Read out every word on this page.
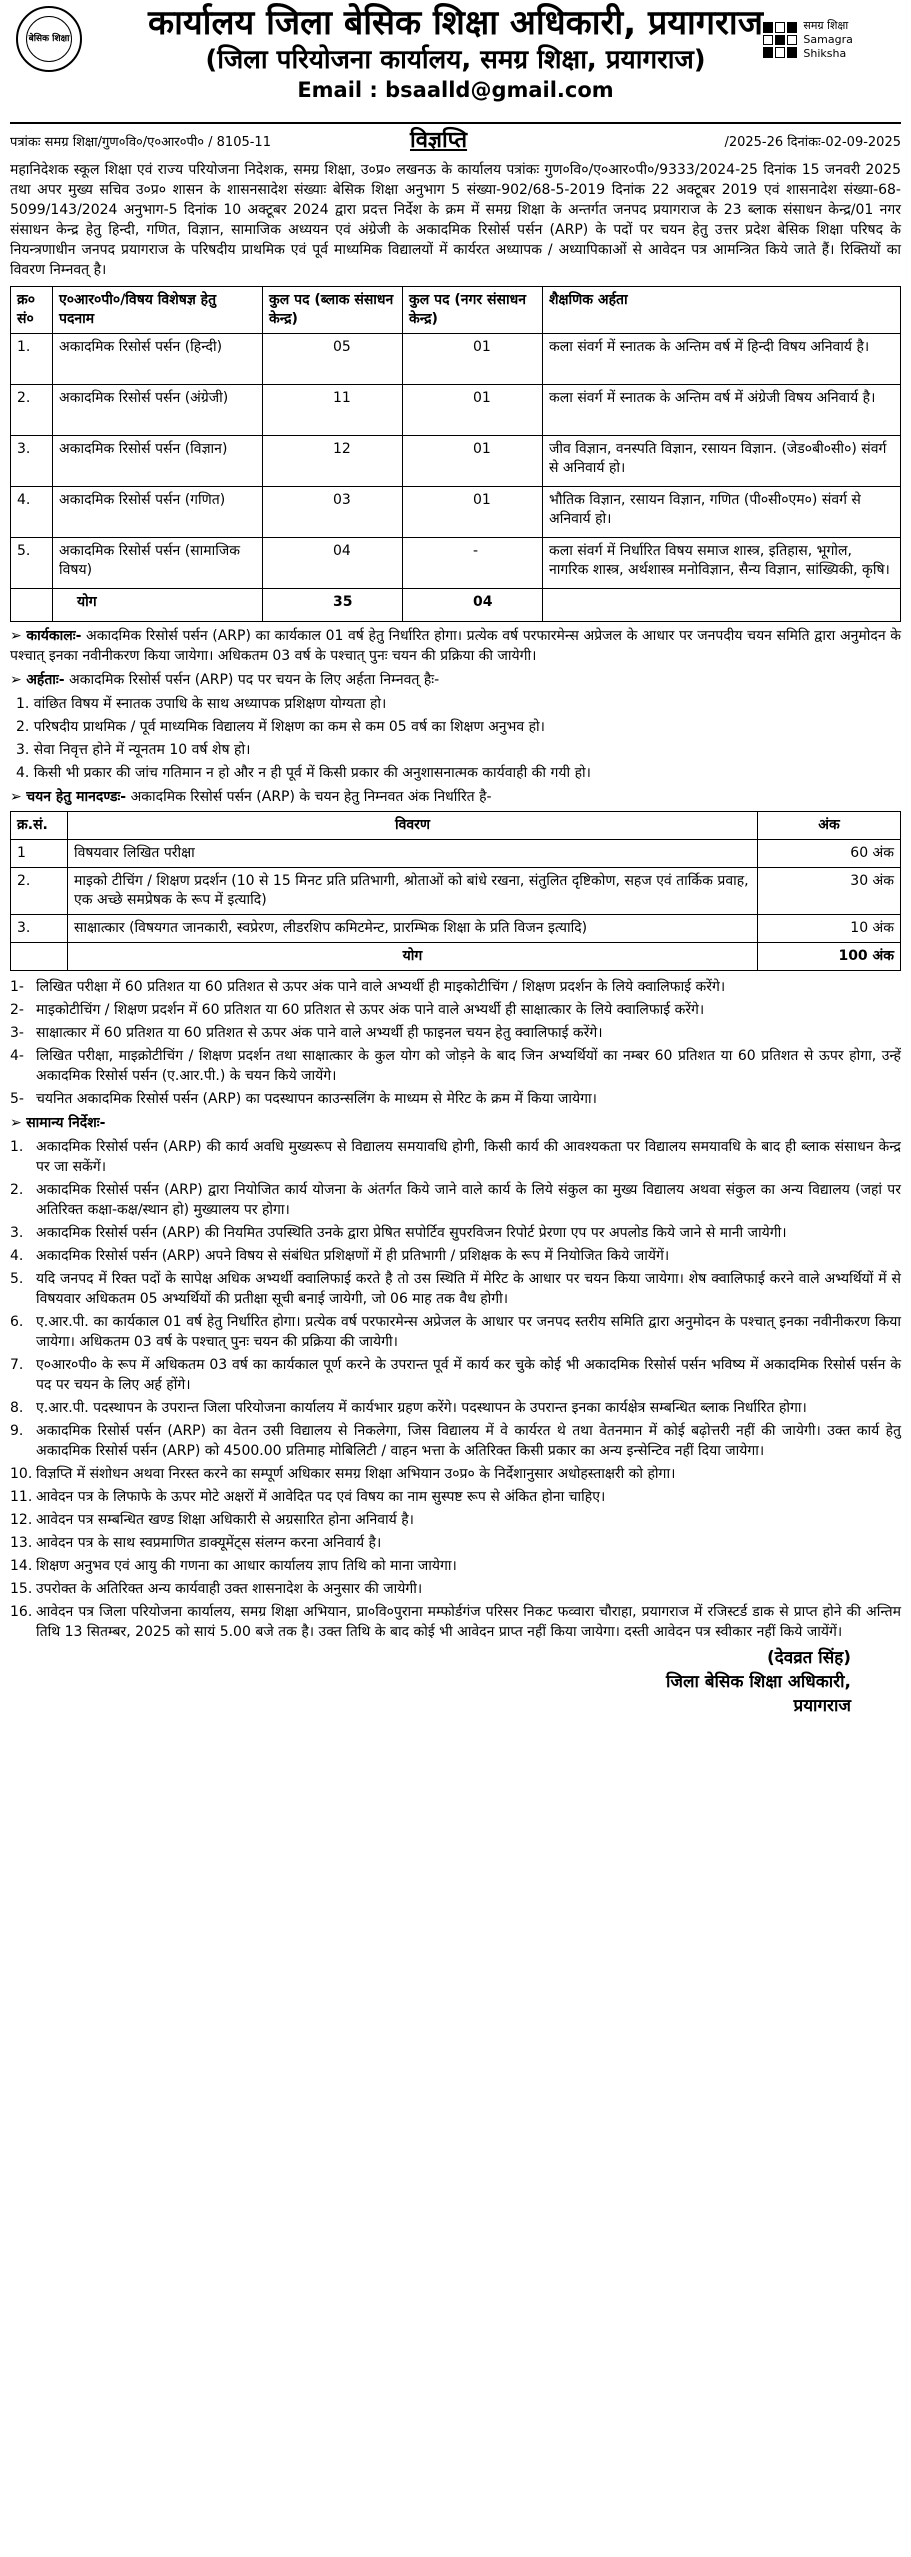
बेसिक शिक्षा	कार्यालय जिला बेसिक शिक्षा अधिकारी, प्रयागराज
(जिला परियोजना कार्यालय, समग्र शिक्षा, प्रयागराज)
Email : bsaalld@gmail.com
समग्र शिक्षा
Samagra Shiksha
पत्रांकः समग्र शिक्षा/गुण०वि०/ए०आर०पी० / 8105-11	विज्ञप्ति	/2025-26 दिनांकः-02-09-2025
महानिदेशक स्कूल शिक्षा एवं राज्य परियोजना निदेशक, समग्र शिक्षा, उ०प्र० लखनऊ के कार्यालय पत्रांकः गुण०वि०/ए०आर०पी०/9333/2024-25 दिनांक 15 जनवरी 2025 तथा अपर मुख्य सचिव उ०प्र० शासन के शासनसादेश संख्याः बेसिक शिक्षा अनुभाग 5 संख्या-902/68-5-2019 दिनांक 22 अक्टूबर 2019 एवं शासनादेश संख्या-68-5099/143/2024 अनुभाग-5 दिनांक 10 अक्टूबर 2024 द्वारा प्रदत्त निर्देश के क्रम में समग्र शिक्षा के अन्तर्गत जनपद प्रयागराज के 23 ब्लाक संसाधन केन्द्र/01 नगर संसाधन केन्द्र हेतु हिन्दी, गणित, विज्ञान, सामाजिक अध्ययन एवं अंग्रेजी के अकादमिक रिसोर्स पर्सन (ARP) के पदों पर चयन हेतु उत्तर प्रदेश बेसिक शिक्षा परिषद के नियन्त्रणाधीन जनपद प्रयागराज के परिषदीय प्राथमिक एवं पूर्व माध्यमिक विद्यालयों में कार्यरत अध्यापक / अध्यापिकाओं से आवेदन पत्र आमन्त्रित किये जाते हैं। रिक्तियों का विवरण निम्नवत् है।
क्र० सं०	ए०आर०पी०/विषय विशेषज्ञ हेतु पदनाम	कुल पद (ब्लाक संसाधन केन्द्र)	कुल पद (नगर संसाधन केन्द्र)	शैक्षणिक अर्हता
1.	अकादमिक रिसोर्स पर्सन (हिन्दी)	05	01	कला संवर्ग में स्नातक के अन्तिम वर्ष में हिन्दी विषय अनिवार्य है।
2.	अकादमिक रिसोर्स पर्सन (अंग्रेजी)	11	01	कला संवर्ग में स्नातक के अन्तिम वर्ष में अंग्रेजी विषय अनिवार्य है।
3.	अकादमिक रिसोर्स पर्सन (विज्ञान)	12	01	जीव विज्ञान, वनस्पति विज्ञान, रसायन विज्ञान. (जेड०बी०सी०) संवर्ग से अनिवार्य हो।
4.	अकादमिक रिसोर्स पर्सन (गणित)	03	01	भौतिक विज्ञान, रसायन विज्ञान, गणित (पी०सी०एम०) संवर्ग से अनिवार्य हो।
5.	अकादमिक रिसोर्स पर्सन (सामाजिक विषय)	04	-	कला संवर्ग में निर्धारित विषय समाज शास्त्र, इतिहास, भूगोल, नागरिक शास्त्र, अर्थशास्त्र मनोविज्ञान, सैन्य विज्ञान, सांख्यिकी, कृषि।
	योग	35	04	
➢ कार्यकालः- अकादमिक रिसोर्स पर्सन (ARP) का कार्यकाल 01 वर्ष हेतु निर्धारित होगा। प्रत्येक वर्ष परफारमेन्स अप्रेजल के आधार पर जनपदीय चयन समिति द्वारा अनुमोदन के पश्चात् इनका नवीनीकरण किया जायेगा। अधिकतम 03 वर्ष के पश्चात् पुनः चयन की प्रक्रिया की जायेगी।
➢ अर्हताः- अकादमिक रिसोर्स पर्सन (ARP) पद पर चयन के लिए अर्हता निम्नवत् हैः-
1. वांछित विषय में स्नातक उपाधि के साथ अध्यापक प्रशिक्षण योग्यता हो।
2. परिषदीय प्राथमिक / पूर्व माध्यमिक विद्यालय में शिक्षण का कम से कम 05 वर्ष का शिक्षण अनुभव हो।
3. सेवा निवृत्त होने में न्यूनतम 10 वर्ष शेष हो।
4. किसी भी प्रकार की जांच गतिमान न हो और न ही पूर्व में किसी प्रकार की अनुशासनात्मक कार्यवाही की गयी हो।
➢ चयन हेतु मानदण्डः- अकादमिक रिसोर्स पर्सन (ARP) के चयन हेतु निम्नवत अंक निर्धारित है-
क्र.सं.	विवरण	अंक
1	विषयवार लिखित परीक्षा	60 अंक
2.	माइको टीचिंग / शिक्षण प्रदर्शन (10 से 15 मिनट प्रति प्रतिभागी, श्रोताओं को बांधे रखना, संतुलित दृष्टिकोण, सहज एवं तार्किक प्रवाह, एक अच्छे समप्रेषक के रूप में इत्यादि)	30 अंक
3.	साक्षात्कार (विषयगत जानकारी, स्वप्रेरण, लीडरशिप कमिटमेन्ट, प्रारम्भिक शिक्षा के प्रति विजन इत्यादि)	10 अंक
	योग	100 अंक
1- लिखित परीक्षा में 60 प्रतिशत या 60 प्रतिशत से ऊपर अंक पाने वाले अभ्यर्थी ही माइकोटीचिंग / शिक्षण प्रदर्शन के लिये क्वालिफाई करेंगे।
2- माइकोटीचिंग / शिक्षण प्रदर्शन में 60 प्रतिशत या 60 प्रतिशत से ऊपर अंक पाने वाले अभ्यर्थी ही साक्षात्कार के लिये क्वालिफाई करेंगे।
3- साक्षात्कार में 60 प्रतिशत या 60 प्रतिशत से ऊपर अंक पाने वाले अभ्यर्थी ही फाइनल चयन हेतु क्वालिफाई करेंगे।
4- लिखित परीक्षा, माइक्रोटीचिंग / शिक्षण प्रदर्शन तथा साक्षात्कार के कुल योग को जोड़ने के बाद जिन अभ्यर्थियों का नम्बर 60 प्रतिशत या 60 प्रतिशत से ऊपर होगा, उन्हें अकादमिक रिसोर्स पर्सन (ए.आर.पी.) के चयन किये जायेंगे।
5- चयनित अकादमिक रिसोर्स पर्सन (ARP) का पदस्थापन काउन्सलिंग के माध्यम से मेरिट के क्रम में किया जायेगा।
➢ सामान्य निर्देशः-
1. अकादमिक रिसोर्स पर्सन (ARP) की कार्य अवधि मुख्यरूप से विद्यालय समयावधि होगी, किसी कार्य की आवश्यकता पर विद्यालय समयावधि के बाद ही ब्लाक संसाधन केन्द्र पर जा सकेंगें।
2. अकादमिक रिसोर्स पर्सन (ARP) द्वारा नियोजित कार्य योजना के अंतर्गत किये जाने वाले कार्य के लिये संकुल का मुख्य विद्यालय अथवा संकुल का अन्य विद्यालय (जहां पर अतिरिक्त कक्षा-कक्ष/स्थान हो) मुख्यालय पर होगा।
3. अकादमिक रिसोर्स पर्सन (ARP) की नियमित उपस्थिति उनके द्वारा प्रेषित सपोर्टिव सुपरविजन रिपोर्ट प्रेरणा एप पर अपलोड किये जाने से मानी जायेगी।
4. अकादमिक रिसोर्स पर्सन (ARP) अपने विषय से संबंधित प्रशिक्षणों में ही प्रतिभागी / प्रशिक्षक के रूप में नियोजित किये जायेंगें।
5. यदि जनपद में रिक्त पदों के सापेक्ष अधिक अभ्यर्थी क्वालिफाई करते है तो उस स्थिति में मेरिट के आधार पर चयन किया जायेगा। शेष क्वालिफाई करने वाले अभ्यर्थियों में से विषयवार अधिकतम 05 अभ्यर्थियों की प्रतीक्षा सूची बनाई जायेगी, जो 06 माह तक वैध होगी।
6. ए.आर.पी. का कार्यकाल 01 वर्ष हेतु निर्धारित होगा। प्रत्येक वर्ष परफारमेन्स अप्रेजल के आधार पर जनपद स्तरीय समिति द्वारा अनुमोदन के पश्चात् इनका नवीनीकरण किया जायेगा। अधिकतम 03 वर्ष के पश्चात् पुनः चयन की प्रक्रिया की जायेगी।
7. ए०आर०पी० के रूप में अधिकतम 03 वर्ष का कार्यकाल पूर्ण करने के उपरान्त पूर्व में कार्य कर चुके कोई भी अकादमिक रिसोर्स पर्सन भविष्य में अकादमिक रिसोर्स पर्सन के पद पर चयन के लिए अर्ह होंगे।
8. ए.आर.पी. पदस्थापन के उपरान्त जिला परियोजना कार्यालय में कार्यभार ग्रहण करेंगे। पदस्थापन के उपरान्त इनका कार्यक्षेत्र सम्बन्धित ब्लाक निर्धारित होगा।
9. अकादमिक रिसोर्स पर्सन (ARP) का वेतन उसी विद्यालय से निकलेगा, जिस विद्यालय में वे कार्यरत थे तथा वेतनमान में कोई बढ़ोत्तरी नहीं की जायेगी। उक्त कार्य हेतु अकादमिक रिसोर्स पर्सन (ARP) को 4500.00 प्रतिमाह मोबिलिटी / वाहन भत्ता के अतिरिक्त किसी प्रकार का अन्य इन्सेन्टिव नहीं दिया जायेगा।
10. विज्ञप्ति में संशोधन अथवा निरस्त करने का सम्पूर्ण अधिकार समग्र शिक्षा अभियान उ०प्र० के निर्देशानुसार अधोहस्ताक्षरी को होगा।
11. आवेदन पत्र के लिफाफे के ऊपर मोटे अक्षरों में आवेदित पद एवं विषय का नाम सुस्पष्ट रूप से अंकित होना चाहिए।
12. आवेदन पत्र सम्बन्धित खण्ड शिक्षा अधिकारी से अग्रसारित होना अनिवार्य है।
13. आवेदन पत्र के साथ स्वप्रमाणित डाक्यूमेंट्स संलग्न करना अनिवार्य है।
14. शिक्षण अनुभव एवं आयु की गणना का आधार कार्यालय ज्ञाप तिथि को माना जायेगा।
15. उपरोक्त के अतिरिक्त अन्य कार्यवाही उक्त शासनादेश के अनुसार की जायेगी।
16. आवेदन पत्र जिला परियोजना कार्यालय, समग्र शिक्षा अभियान, प्रा०वि०पुराना मम्फोर्डगंज परिसर निकट फव्वारा चौराहा, प्रयागराज में रजिस्टर्ड डाक से प्राप्त होने की अन्तिम तिथि 13 सितम्बर, 2025 को सायं 5.00 बजे तक है। उक्त तिथि के बाद कोई भी आवेदन प्राप्त नहीं किया जायेगा। दस्ती आवेदन पत्र स्वीकार नहीं किये जायेंगें।
(देवव्रत सिंह)
जिला बेसिक शिक्षा अधिकारी,
प्रयागराज
